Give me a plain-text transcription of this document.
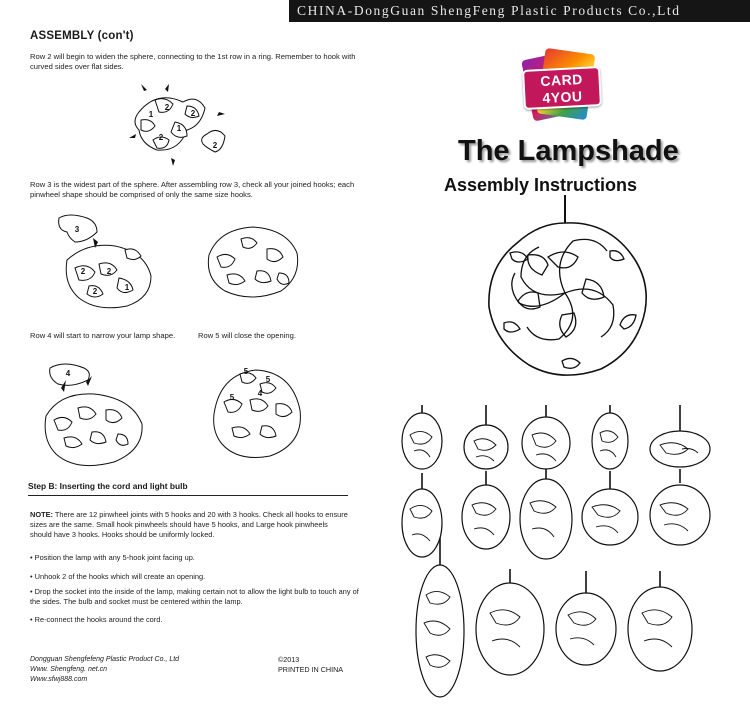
CHINA-DongGuan ShengFeng Plastic Products Co.,Ltd
ASSEMBLY (con't)
Row 2 will begin to widen the sphere, connecting to the 1st row in a ring. Remember to hook with curved sides over flat sides.
1
2
1
2
2
2
Row 3 is the widest part of the sphere. After assembling row 3, check all your joined hooks; each pinwheel shape should be comprised of only the same size hooks.
3
2	2
1
2
Row 4 will start to narrow your lamp shape.	Row 5 will close the opening.
4	5
5
4
5
Step B: Inserting the cord and light bulb
NOTE: There are 12 pinwheel joints with 5 hooks and 20 with 3 hooks. Check all hooks to ensure sizes are the same. Small hook pinwheels should have 5 hooks, and Large hook pinwheels should have 3 hooks. Hooks should be uniformly locked.
• Position the lamp with any 5-hook joint facing up.
• Unhook 2 of the hooks which will create an opening.
• Drop the socket into the inside of the lamp, making certain not to allow the light bulb to touch any of the sides. The bulb and socket must be centered within the lamp.
• Re-connect the hooks around the cord.
Dongguan Shengfefeng Plastic Product Co., Ltd
Www. Shengfeng. net.cn
Www.sfwj888.com
©2013
PRINTED IN CHINA
CARD
4YOU
The Lampshade
Assembly Instructions
